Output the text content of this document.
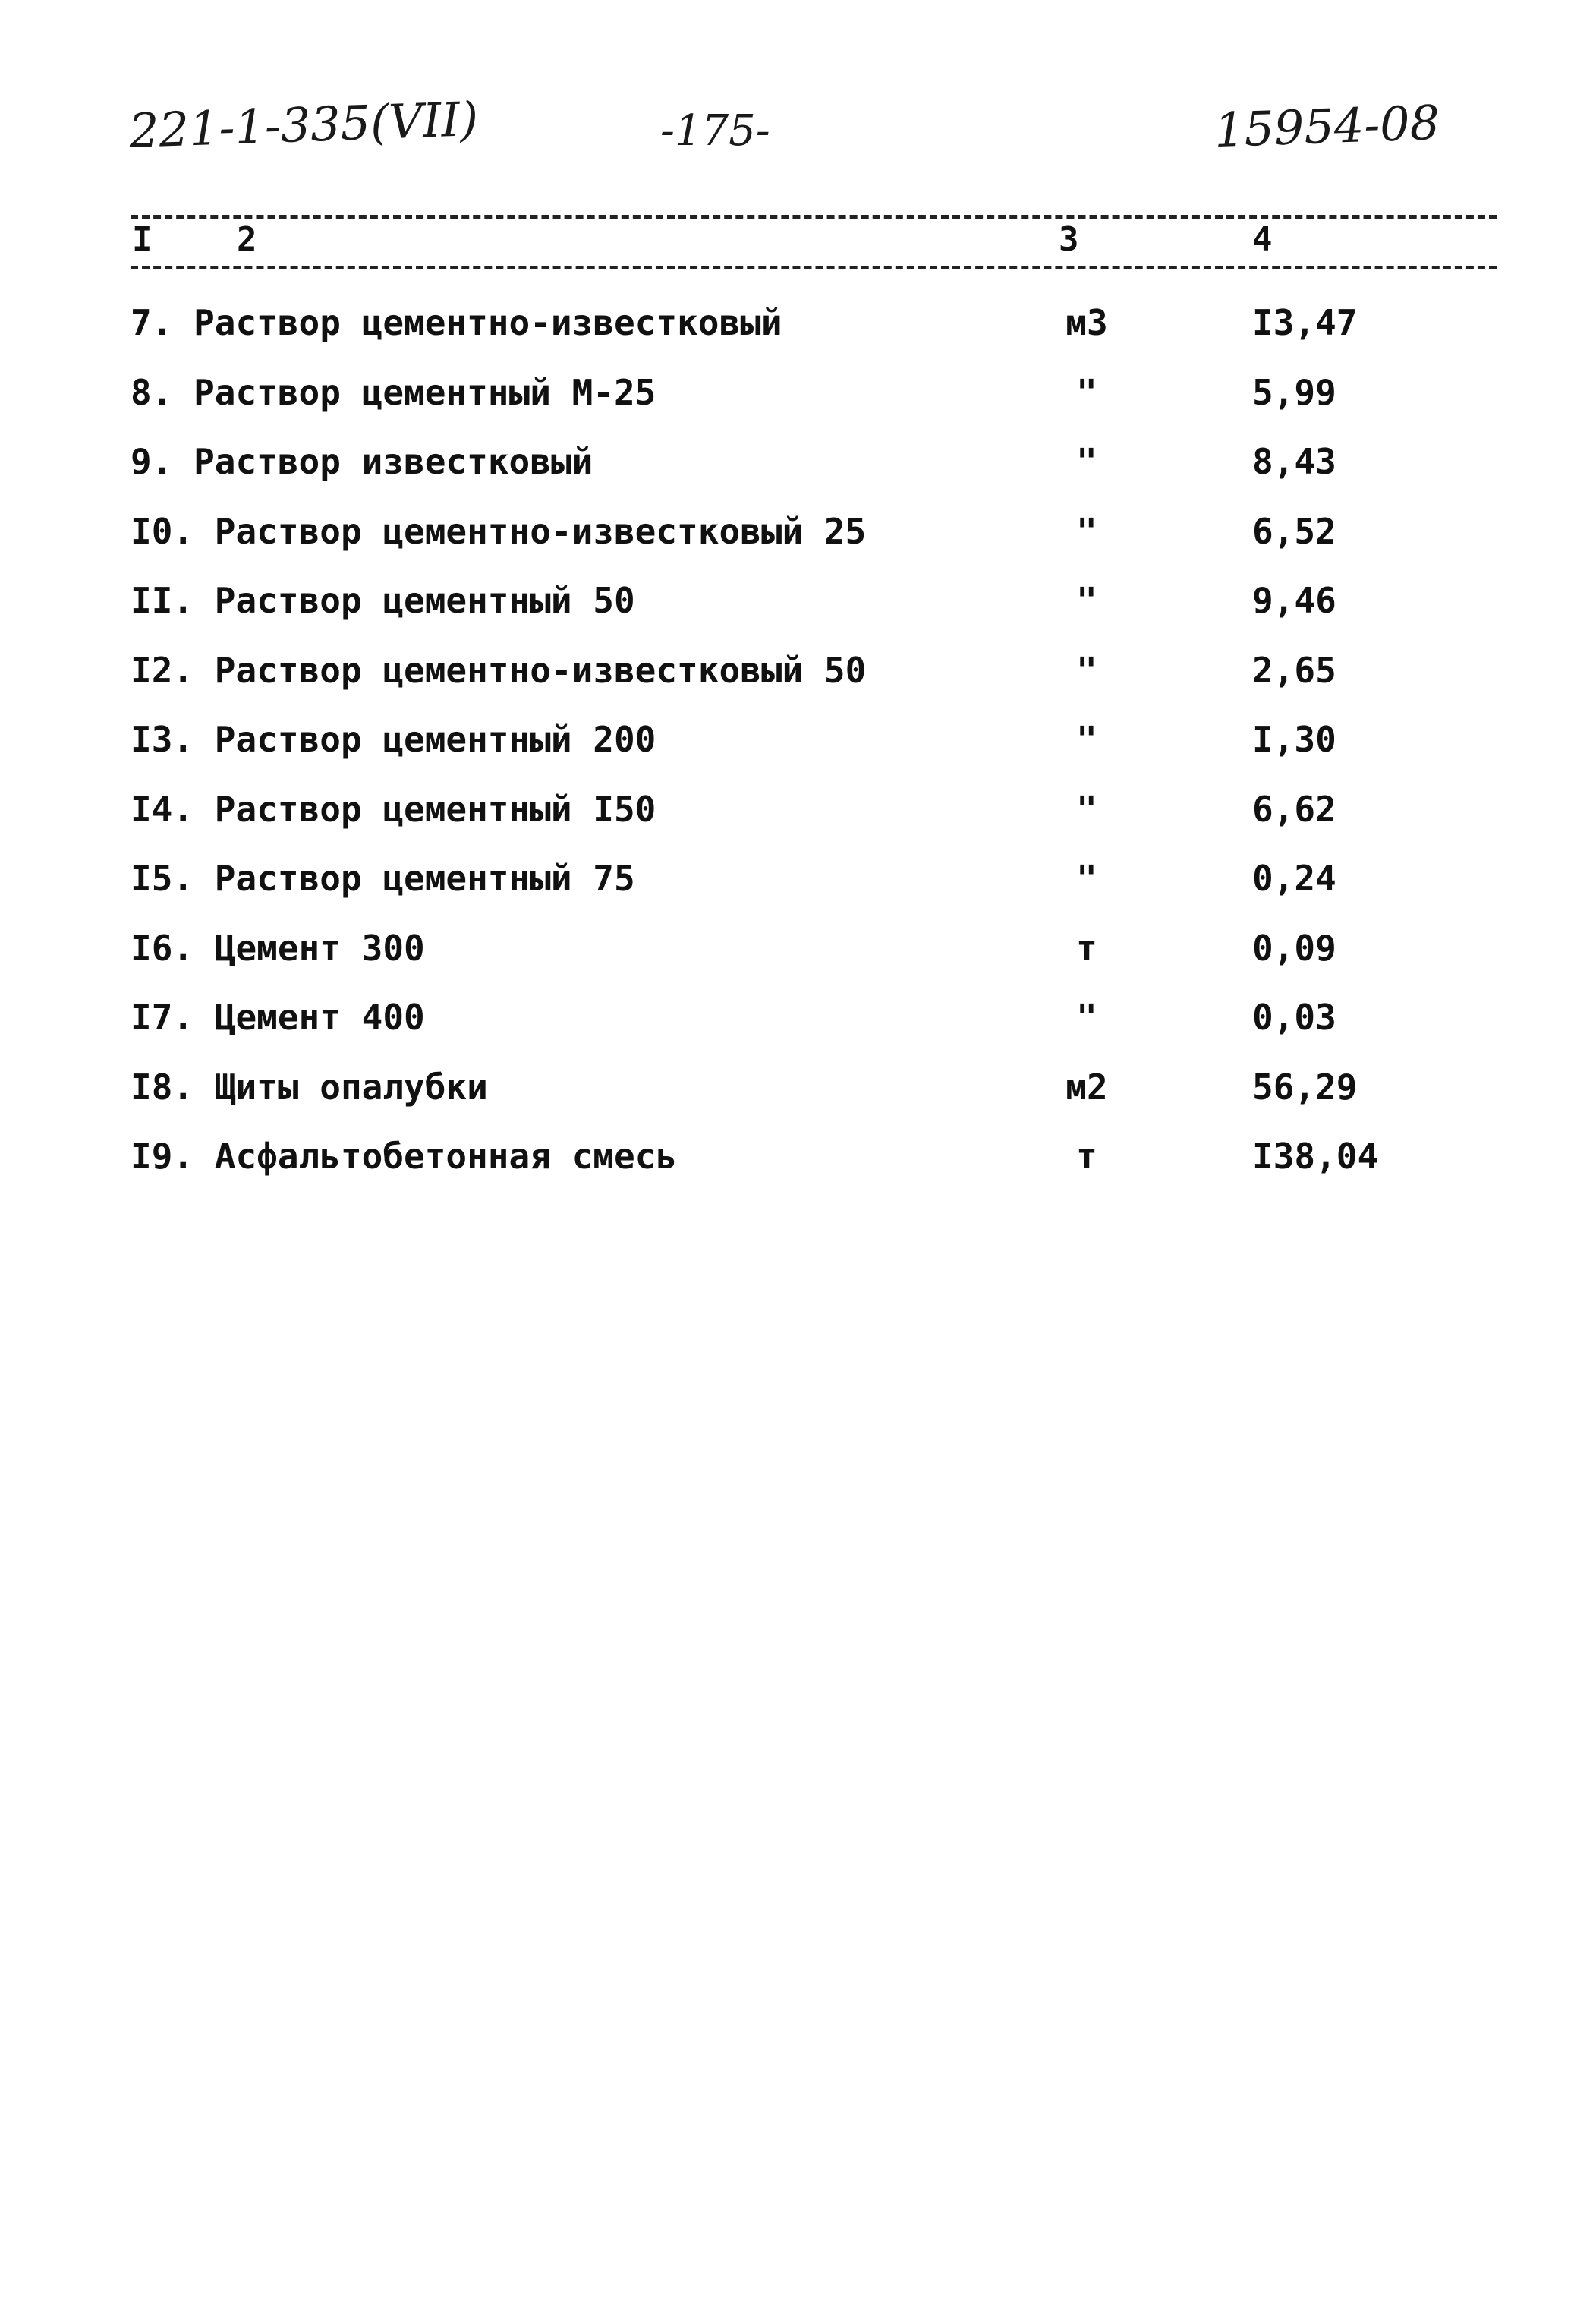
221-1-335(VII)	-175-	15954-08
I	2	3	4
7. Раствор цементно-известковый	м3	I3,47
8. Раствор цементный М-25	"	5,99
9. Раствор известковый	"	8,43
I0. Раствор цементно-известковый 25	"	6,52
II. Раствор цементный 50	"	9,46
I2. Раствор цементно-известковый 50	"	2,65
I3. Раствор цементный 200	"	I,30
I4. Раствор цементный I50	"	6,62
I5. Раствор цементный 75	"	0,24
I6. Цемент 300	т	0,09
I7. Цемент 400	"	0,03
I8. Щиты опалубки	м2	56,29
I9. Асфальтобетонная смесь	т	I38,04
